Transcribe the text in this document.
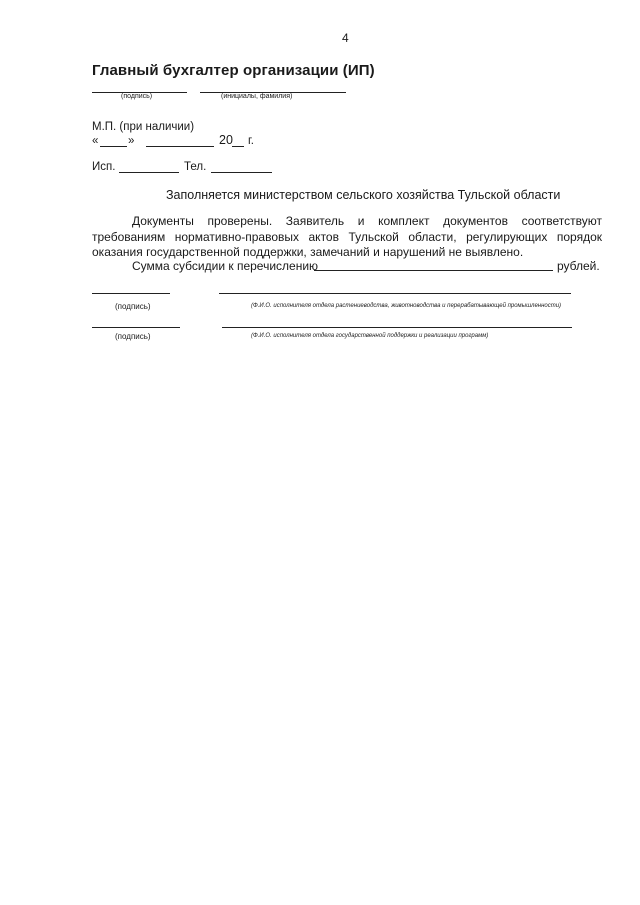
4
Главный бухгалтер организации (ИП)
(подпись)	(инициалы, фамилия)
М.П. (при наличии)
«	»	20 г.
Исп.	Тел.
Заполняется министерством сельского хозяйства Тульской области
Документы проверены. Заявитель и комплект документов соответствуют требованиям нормативно-правовых актов Тульской области, регулирующих порядок оказания государственной поддержки, замечаний и нарушений не выявлено.
Сумма субсидии к перечислению	рублей.
(подпись)	(Ф.И.О. исполнителя отдела растениеводства, животноводства и перерабатывающей промышленности)
(подпись)	(Ф.И.О. исполнителя отдела государственной поддержки и реализации программ)
